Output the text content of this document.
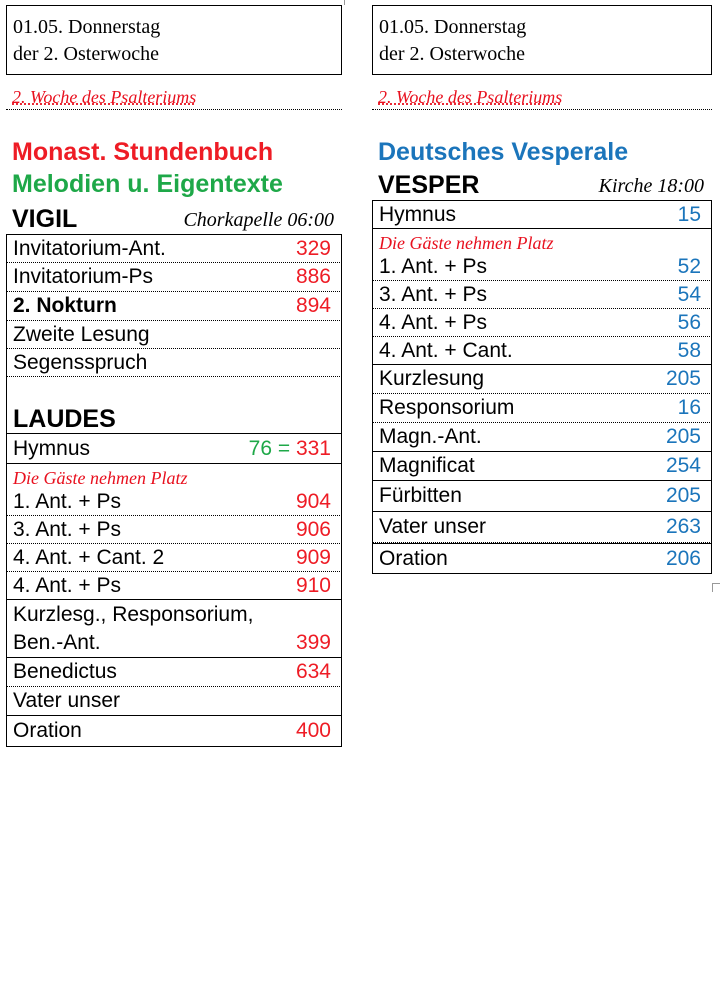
01.05. Donnerstag
der 2. Osterwoche
2. Woche des Psalteriums
Monast. Stundenbuch
Melodien u. Eigentexte
VIGIL	Chorkapelle 06:00
Invitatorium-Ant.	329
Invitatorium-Ps	886
2. Nokturn	894
Zweite Lesung
Segensspruch
LAUDES
Hymnus	76 = 331
Die Gäste nehmen Platz
1. Ant. + Ps	904
3. Ant. + Ps	906
4. Ant. + Cant. 2	909
4. Ant. + Ps	910
Kurzlesg., Responsorium,
Ben.-Ant.	399
Benedictus	634
Vater unser
Oration	400
01.05. Donnerstag
der 2. Osterwoche
2. Woche des Psalteriums
Deutsches Vesperale
VESPER	Kirche 18:00
Hymnus	15
Die Gäste nehmen Platz
1. Ant. + Ps	52
3. Ant. + Ps	54
4. Ant. + Ps	56
4. Ant. + Cant.	58
Kurzlesung	205
Responsorium	16
Magn.-Ant.	205
Magnificat	254
Fürbitten	205
Vater unser	263
Oration	206
